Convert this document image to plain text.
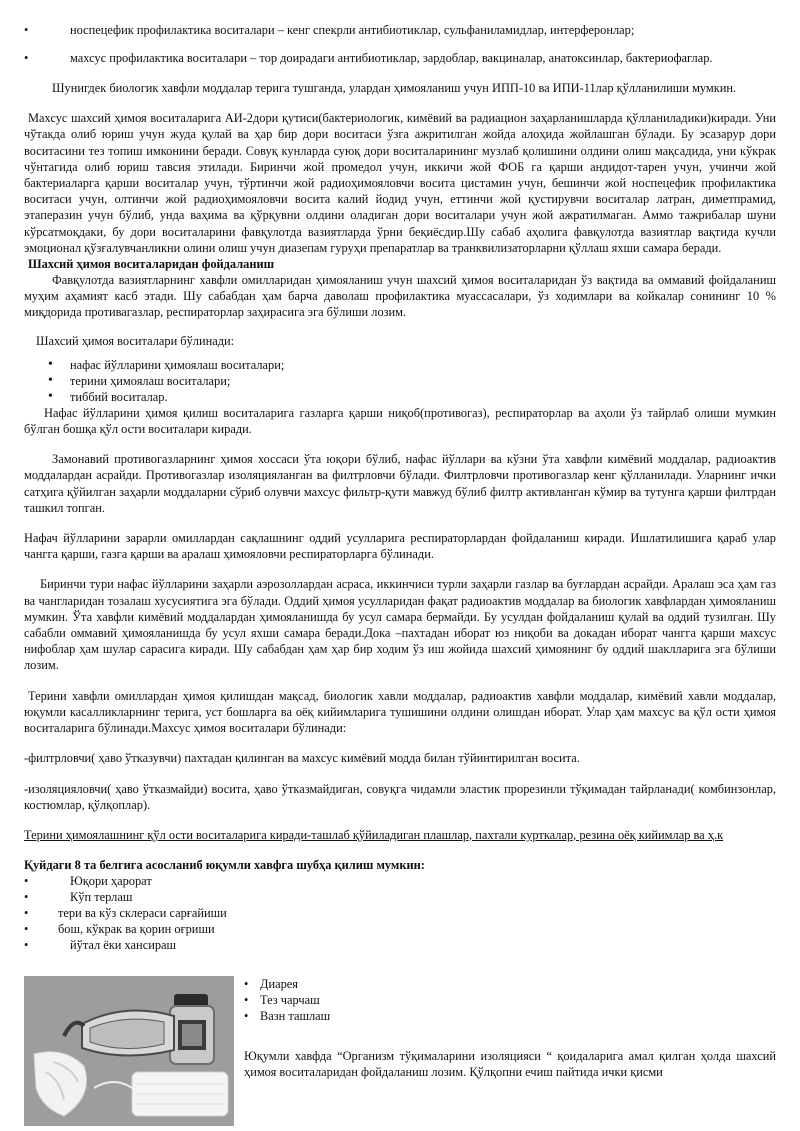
•	носпецефик профилактика воситалари – кенг спекрли антибиотиклар, сульфаниламидлар, интерферонлар;
•	махсус профилактика воситалари – тор доирадаги антибиотиклар, зардоблар, вакциналар, анатоксинлар, бактериофаглар.

Шунигдек биологик хавфли моддалар терига тушганда, улардан ҳимояланиш учун ИПП-10 ва ИПИ-11лар қўлланилиши мумкин.

Махсус шахсий ҳимоя воситаларига АИ-2дори қутиси(бактериологик, кимёвий ва радиацион заҳарланишларда қўлланиладики)киради. Уни чўтакда олиб юриш учун жуда қулай ва ҳар бир дори воситаси ўзга ажритилган жойда алоҳида жойлашган бўлади. Бу эсазарур дори воситасини тез топиш имконини беради. Совуқ кунларда суюқ дори воситаларининг музлаб қолишини олдини олиш мақсадида, уни кўкрак чўнтагида олиб юриш тавсия этилади. Биринчи жой промедол учун, иккичи жой ФОБ га қарши андидот-тарен учун, учинчи жой бактериаларга қарши воситалар учун, тўртинчи жой радиоҳимояловчи восита цистамин учун, бешинчи жой носпецефик профилактика воситаси учун, олтинчи жой радиоҳимояловчи восита калий йодид учун, еттинчи жой қустирувчи воситалар латран, диметпрамид, этаперазин учун бўлиб, унда ваҳима ва қўрқувни олдини оладиган дори воситалари учун жой ажратилмаган. Аммо тажрибалар шуни кўрсатмоқдаки, бу дори воситаларини фавқулотда вазиятларда ўрни беқиёсдир.Шу сабаб аҳолига фавқулотда вазиятлар вақтида кучли эмоционал қўзғалувчанликни олини олиш учун диазепам гуруҳи препаратлар ва транквилизаторларни қўллаш яхши самара беради.

Шахсий ҳимоя воситаларидан фойдаланиш

Фавқулотда вазиятларнинг хавфли омилларидан ҳимояланиш учун шахсий ҳимоя воситаларидан ўз вақтида ва оммавий фойдаланиш муҳим аҳамият касб этади. Шу сабабдан ҳам барча даволаш профилактика муассасалари, ўз ходимлари ва койкалар сонининг 10 % миқдорида противагазлар, респираторлар заҳирасига эга бўлиши лозим.

Шахсий ҳимоя воситалари бўлинади:

• нафас йўлларини ҳимоялаш воситалари;
• терини ҳимоялаш воситалари;
• тиббий воситалар.

Нафас йўлларини ҳимоя қилиш воситаларига газларга қарши ниқоб(противогаз), респираторлар ва аҳоли ўз тайрлаб олиши мумкин бўлган бошқа қўл ости воситалари киради.

Замонавий противогазларнинг ҳимоя хоссаси ўта юқори бўлиб, нафас йўллари ва кўзни ўта хавфли кимёвий моддалар, радиоактив моддалардан асрайди. Противогазлар изоляцияланган ва филтрловчи бўлади. Филтрловчи противогазлар кенг қўлланилади. Уларнинг ички сатҳига қўйилган заҳарли моддаларни сўриб олувчи махсус фильтр-қути мавжуд бўлиб филтр активланган кўмир ва тутунга қарши филтрдан ташкил топган.

Нафач йўлларини зарарли омиллардан сақлашнинг оддий усулларига респираторлардан фойдаланиш киради. Ишлатилишига қараб улар чангга қарши, газга қарши ва аралаш ҳимояловчи респираторларга бўлинади.

Биринчи тури нафас йўлларини заҳарли аэрозоллардан асраса, иккинчиси турли заҳарли газлар ва буғлардан асрайди. Аралаш эса ҳам газ ва чангларидан тозалаш хусусиятига эга бўлади. Оддий ҳимоя усулларидан фақат радиоактив моддалар ва биологик хавфлардан ҳимояланиш мумкин. Ўта хавфли кимёвий моддалардан ҳимояланишда бу усул самара бермайди. Бу усулдан фойдаланиш қулай ва оддий тузилган. Шу сабабли оммавий ҳимояланишда бу усул яхши самара беради.Дока –пахтадан иборат юз ниқоби ва докадан иборат чангга қарши махсус нифоблар ҳам шулар сарасига киради. Шу сабабдан ҳам ҳар бир ходим ўз иш жойида шахсий ҳимоянинг бу оддий шаклларига эга бўлиши лозим.

Терини хавфли омиллардан ҳимоя қилишдан мақсад, биологик хавли моддалар, радиоактив хавфли моддалар, кимёвий хавли моддалар, юқумли касалликларнинг терига, уст бошларга ва оёқ кийимларига тушишини олдини олишдан иборат. Улар ҳам махсус ва қўл ости ҳимоя воситаларига бўлинади.Махсус ҳимоя воситалари бўлинади:

-филтрловчи( ҳаво ўтказувчи) пахтадан қилинган ва махсус кимёвий модда билан тўйинтирилган восита.

-изоляцияловчи( ҳаво ўтказмайди) восита, ҳаво ўтказмайдиган, совуқга чидамли эластик прорезинли тўқимадан тайрланади( комбинзонлар, костюмлар, қўлқоплар).

Терини ҳимоялашнинг қўл ости воситаларига киради-ташлаб қўйиладиган плашлар, пахтали курткалар, резина оёқ кийимлар ва ҳ.к

Қуйдаги 8 та белгига асосланиб юқумли хавфга шубҳа қилиш мумкин:
•	Юқори ҳарорат
•	Кўп терлаш
• тери ва кўз склераси сарғайиши
• бош, кўкрак ва қорин оғриши
•	йўтал ёки хансираш
• Диарея
• Тез чарчаш
• Вазн ташлаш

Юқумли хавфда “Организм тўқималарини изоляцияси “ қоидаларига амал қилган ҳолда шахсий ҳимоя воситаларидан фойдаланиш лозим. Қўлқопни ечиш пайтида ички қисми
